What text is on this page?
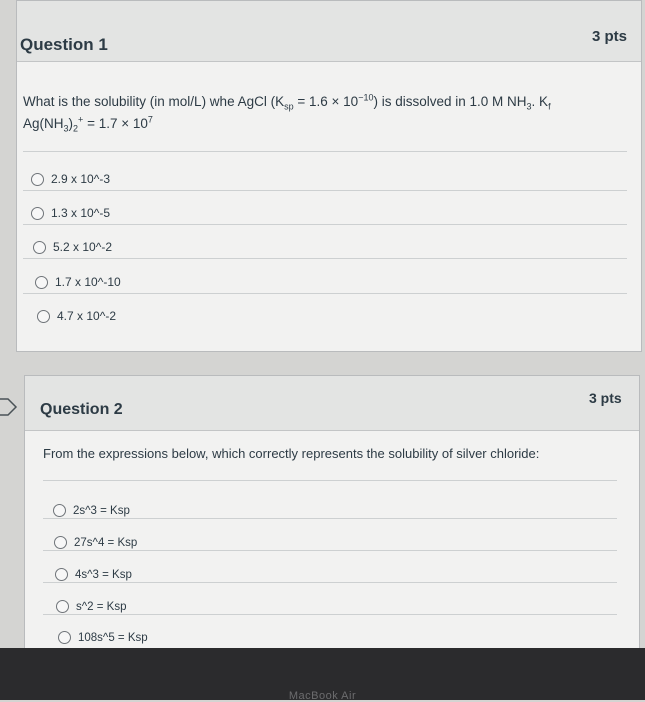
Question 1	3 pts
What is the solubility (in mol/L) whe AgCl $(K_{sp} = 1.6 \times 10^{-10})$ is dissolved in 1.0 M $NH_3$. $K_f$
$Ag(NH_3)_2^+ = 1.7 \times 10^7$
2.9 x 10^-3
1.3 x 10^-5
5.2 x 10^-2
1.7 x 10^-10
4.7 x 10^-2
Question 2
3 pts
From the expressions below, which correctly represents the solubility of silver chloride:
2s^3 = Ksp
27s^4 = Ksp
4s^3 = Ksp
s^2 = Ksp
108s^5 = Ksp
MacBook Air
